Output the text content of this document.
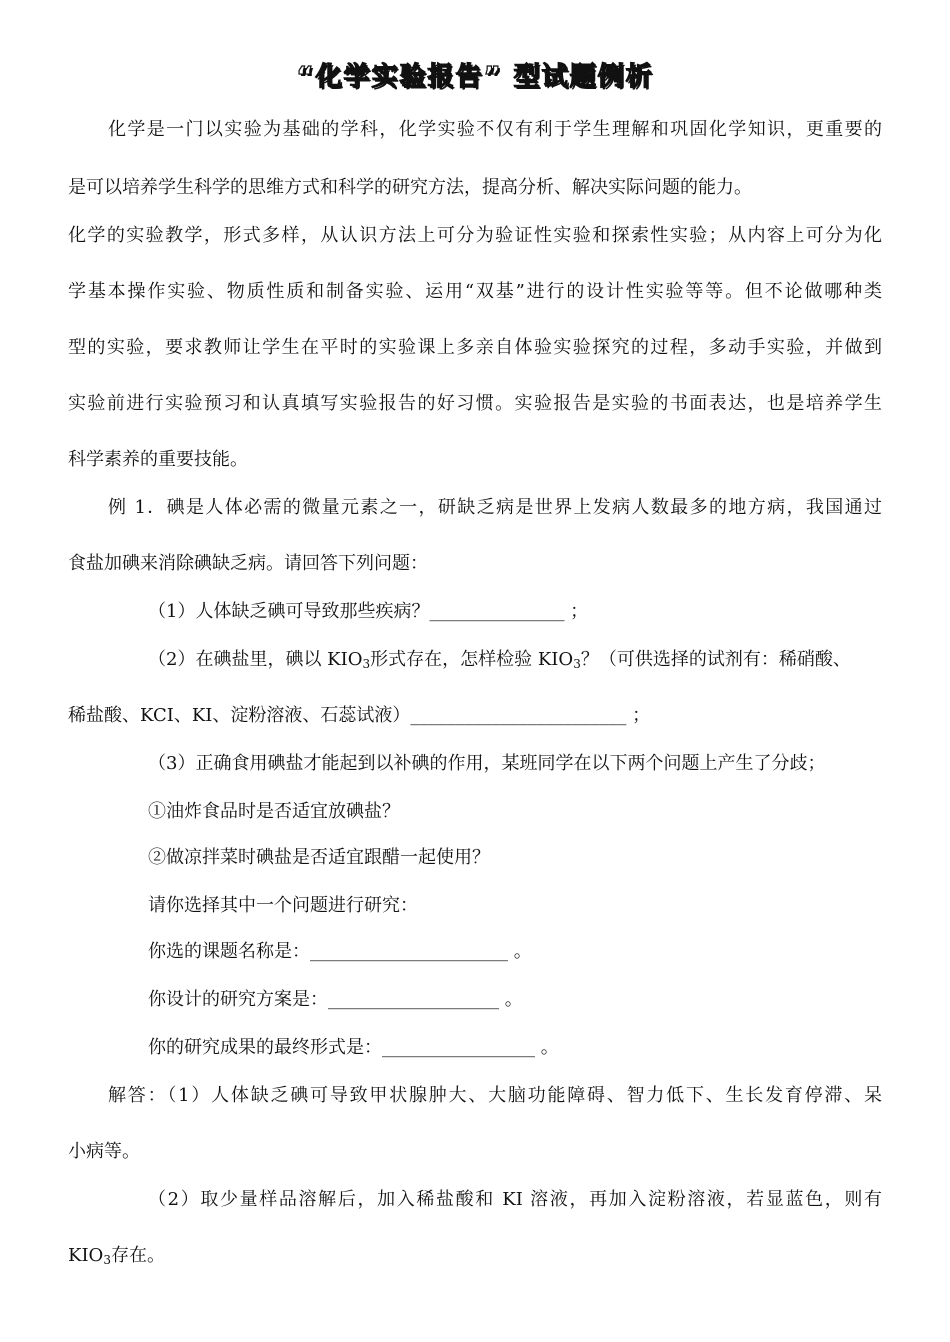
“化学实验报告” 型试题例析
化学是一门以实验为基础的学科，化学实验不仅有利于学生理解和巩固化学知识，更重要的
是可以培养学生科学的思维方式和科学的研究方法，提高分析、解决实际问题的能力。
化学的实验教学，形式多样，从认识方法上可分为验证性实验和探索性实验；从内容上可分为化
学基本操作实验、物质性质和制备实验、运用“双基”进行的设计性实验等等。但不论做哪种类
型的实验，要求教师让学生在平时的实验课上多亲自体验实验探究的过程，多动手实验，并做到
实验前进行实验预习和认真填写实验报告的好习惯。实验报告是实验的书面表达，也是培养学生
科学素养的重要技能。
例 1．碘是人体必需的微量元素之一，研缺乏病是世界上发病人数最多的地方病，我国通过
食盐加碘来消除碘缺乏病。请回答下列问题：
（1）人体缺乏碘可导致那些疾病？_______________ ；
（2）在碘盐里，碘以 $KIO_3$形式存在，怎样检验 $KIO_3$？（可供选择的试剂有：稀硝酸、
稀盐酸、KCI、KI、淀粉溶液、石蕊试液）________________________ ；
（3）正确食用碘盐才能起到以补碘的作用，某班同学在以下两个问题上产生了分歧；
①油炸食品时是否适宜放碘盐？
②做凉拌菜时碘盐是否适宜跟醋一起使用？
请你选择其中一个问题进行研究：
你选的课题名称是：______________________ 。
你设计的研究方案是：___________________ 。
你的研究成果的最终形式是：_________________ 。
解答：（1）人体缺乏碘可导致甲状腺肿大、大脑功能障碍、智力低下、生长发育停滞、呆
小病等。
（2）取少量样品溶解后，加入稀盐酸和 KI 溶液，再加入淀粉溶液，若显蓝色，则有
$KIO_3$存在。
